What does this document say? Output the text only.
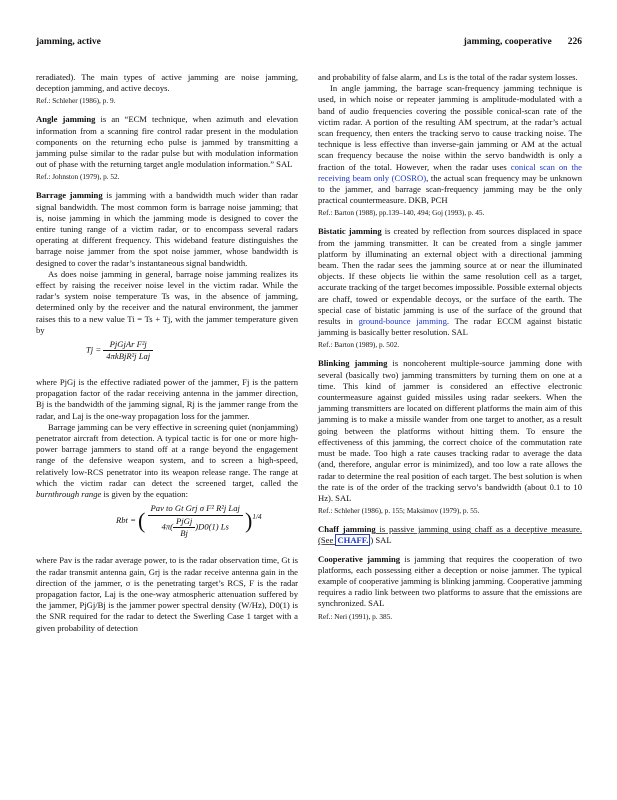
jamming, active	jamming, cooperative 226

reradiated). The main types of active jamming are noise jamming, deception jamming, and active decoys.

Ref.: Schleher (1986), p. 9.

Angle jamming is an “ECM technique, when azimuth and elevation information from a scanning fire control radar present in the modulation components on the returning echo pulse is jammed by transmitting a jamming pulse similar to the radar pulse but with modulation information out of phase with the returning target angle modulation information.” SAL

Ref.: Johnston (1979), p. 52.

Barrage jamming is jamming with a bandwidth much wider than radar signal bandwidth. The most common form is barrage noise jamming; that is, noise jamming in which the jamming mode is designed to cover the entire tuning range of a victim radar, or to encompass several radars operating at different frequency. This wideband feature distinguishes the barrage noise jammer from the spot noise jammer, whose bandwidth is designed to cover the radar’s instantaneous signal bandwidth.

As does noise jamming in general, barrage noise jamming realizes its effect by raising the receiver noise level in the victim radar. While the radar’s system noise temperature Ts was, in the absence of jamming, determined only by the receiver and the natural environment, the jammer raises this to a new value Ti = Ts + Tj, with the jammer temperature given by

$Tj = \frac{\text{PjGjAr F²j}}{\text{4πkBjR²j Laj}}$

where PjGj is the effective radiated power of the jammer, Fj is the pattern propagation factor of the radar receiving antenna in the jammer direction, Bj is the bandwidth of the jamming signal, Rj is the jammer range from the radar, and Laj is the one-way propagation loss for the jammer.

Barrage jamming can be very effective in screening quiet (nonjamming) penetrator aircraft from detection. A typical tactic is for one or more high-power barrage jammers to stand off at a range beyond the engagement range of the defensive weapon system, and to screen a high-speed, relatively low-RCS penetrator into its weapon release range. The range at which the victim radar can detect the screened target, called the burnthrough range is given by the equation:

Rbt = ( $\frac{\text{Pav to Gt Grj σ F² R²j Laj}}{4\pi( \frac{\text{PjGj}}{Bj} )D0(1) Ls} )^{1/4}$

where Pav is the radar average power, to is the radar observation time, Gt is the radar transmit antenna gain, Grj is the radar receive antenna gain in the direction of the jammer, σ is the penetrating target’s RCS, F is the radar propagation factor, Laj is the one-way atmospheric attenuation suffered by the jammer, PjGj/Bj is the jammer power spectral density (W/Hz), D0(1) is the SNR required for the radar to detect the Swerling Case 1 target with a given probability of detection

and probability of false alarm, and Ls is the total of the radar system losses.

In angle jamming, the barrage scan-frequency jamming technique is used, in which noise or repeater jamming is amplitude-modulated with a band of audio frequencies covering the possible conical-scan rate of the victim radar. A portion of the resulting AM spectrum, at the radar’s actual scan frequency, then enters the tracking servo to cause tracking noise. The technique is less effective than inverse-gain jamming or AM at the actual scan frequency because the noise within the servo bandwidth is only a fraction of the total. However, when the radar uses conical scan on the receiving beam only (COSRO), the actual scan frequency may be unknown to the jammer, and barrage scan-frequency jamming may be the only practical countermeasure. DKB, PCH

Ref.: Barton (1988), pp.139–140, 494; Goj (1993), p. 45.

Bistatic jamming is created by reflection from sources displaced in space from the jamming transmitter. It can be created from a single jammer platform by illuminating an external object with a directional jamming beam. Then the radar sees the jamming source at or near the illuminated objects. If these objects lie within the same resolution cell as a target, accurate tracking of the target becomes impossible. Possible external objects are chaff, towed or expendable decoys, or the surface of the earth. The special case of bistatic jamming is use of the surface of the ground that results in ground-bounce jamming. The radar ECCM against bistatic jamming is basically better resolution. SAL

Ref.: Barton (1989), p. 502.

Blinking jamming is noncoherent multiple-source jamming done with several (basically two) jamming transmitters by turning them on one at a time. This kind of jammer is considered an effective electronic countermeasure against guided missiles using radar seekers. When the jamming transmitters are located on different platforms the main aim of this jamming is to make a missile wander from one target to another, as a result going between the platforms without hitting them. To ensure the effectiveness of this jamming, the correct choice of the commutation rate must be made. Too high a rate causes tracking radar to average the data (and, therefore, angular error is minimized), and too low a rate allows the radar to determine the real position of each target. The best solution is when the rate is of the order of the tracking servo’s bandwidth (about 0.1 to 10 Hz). SAL

Ref.: Schleher (1986), p. 155; Maksimov (1979), p. 55.

Chaff jamming is passive jamming using chaff as a deceptive measure. (See CHAFF. ) SAL

Cooperative jamming is jamming that requires the cooperation of two platforms, each possessing either a deception or noise jammer. The typical example of cooperative jamming is blinking jamming. Cooperative jamming requires a radio link between two platforms to assure that the emissions are synchronized. SAL

Ref.: Neri (1991), p. 385.
